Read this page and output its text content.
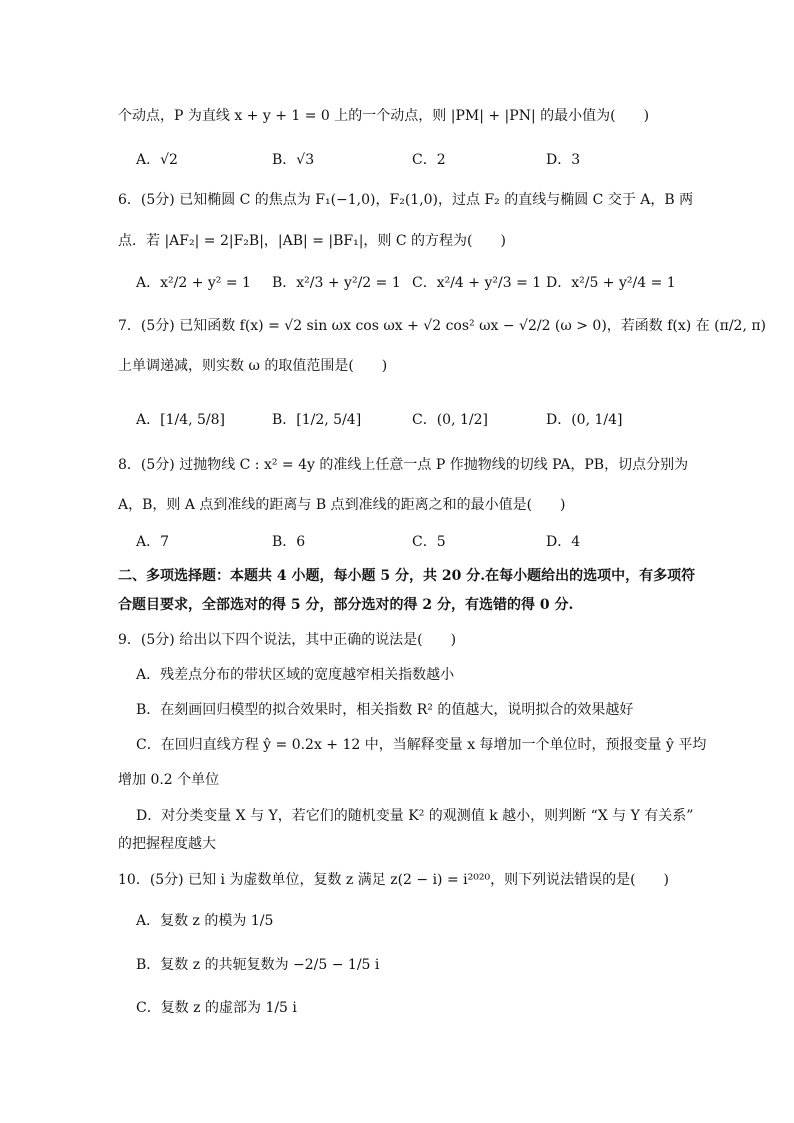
个动点，P 为直线 x + y + 1 = 0 上的一个动点，则 |PM| + |PN| 的最小值为(　　)
A．√2	B．√3	C．2	D．3
6．(5分) 已知椭圆 C 的焦点为 F₁(−1,0)，F₂(1,0)，过点 F₂ 的直线与椭圆 C 交于 A，B 两
点．若 |AF₂| = 2|F₂B|，|AB| = |BF₁|，则 C 的方程为(　　)
A．x²/2 + y² = 1 B．x²/3 + y²/2 = 1 C．x²/4 + y²/3 = 1 D．x²/5 + y²/4 = 1
7．(5分) 已知函数 f(x) = √2 sin ωx cos ωx + √2 cos² ωx − √2/2 (ω > 0)，若函数 f(x) 在 (π/2, π)
上单调递减，则实数 ω 的取值范围是(　　)
A．[1/4, 5/8]	B．[1/2, 5/4]	C．(0, 1/2]	D．(0, 1/4]
8．(5分) 过抛物线 C : x² = 4y 的准线上任意一点 P 作抛物线的切线 PA，PB，切点分别为
A，B，则 A 点到准线的距离与 B 点到准线的距离之和的最小值是(　　)
A．7	B．6	C．5	D．4
二、多项选择题：本题共 4 小题，每小题 5 分，共 20 分.在每小题给出的选项中，有多项符
合题目要求，全部选对的得 5 分，部分选对的得 2 分，有选错的得 0 分.
9．(5分) 给出以下四个说法，其中正确的说法是(　　)
A．残差点分布的带状区域的宽度越窄相关指数越小
B．在刻画回归模型的拟合效果时，相关指数 R² 的值越大，说明拟合的效果越好
C．在回归直线方程 ŷ = 0.2x + 12 中，当解释变量 x 每增加一个单位时，预报变量 ŷ 平均
增加 0.2 个单位
D．对分类变量 X 与 Y，若它们的随机变量 K² 的观测值 k 越小，则判断 “X 与 Y 有关系”
的把握程度越大
10．(5分) 已知 i 为虚数单位，复数 z 满足 z(2 − i) = i²⁰²⁰，则下列说法错误的是(　　)
A．复数 z 的模为 1/5
B．复数 z 的共轭复数为 −2/5 − 1/5 i
C．复数 z 的虚部为 1/5 i
